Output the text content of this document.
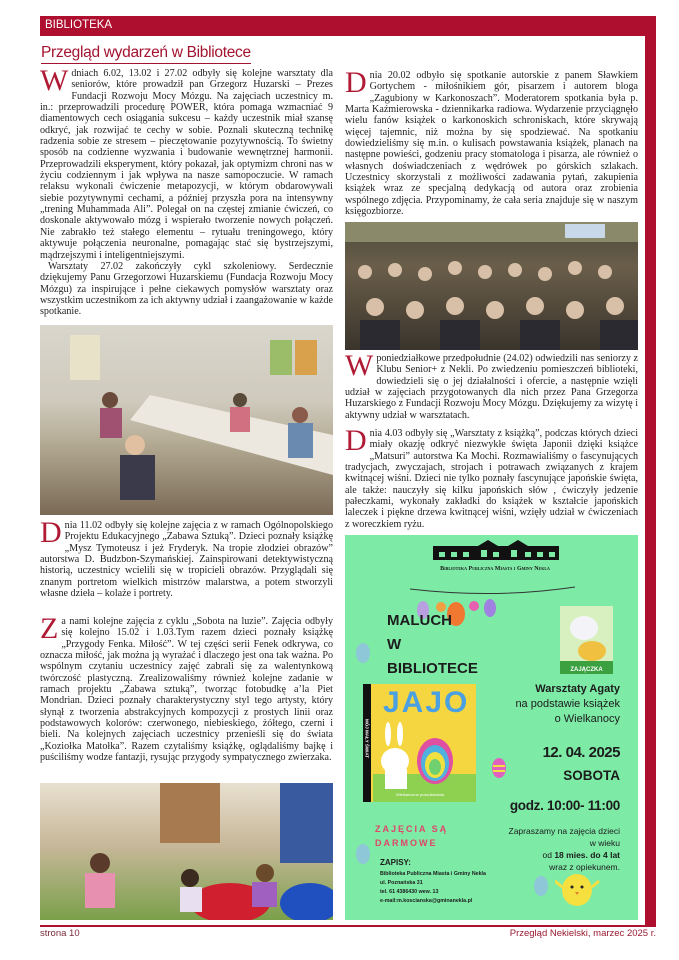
BIBLIOTEKA
Przegląd wydarzeń w Bibliotece
W dniach 6.02, 13.02 i 27.02 odbyły się kolejne warsztaty dla seniorów, które prowadził pan Grzegorz Huzarski – Prezes Fundacji Rozwoju Mocy Mózgu. Na zajęciach uczestnicy m. in.: przeprowadzili procedurę POWER, która pomaga wzmacniać 9 diamentowych cech osiągania sukcesu – każdy uczestnik miał szansę odkryć, jak rozwijać te cechy w sobie. Poznali skuteczną technikę radzenia sobie ze stresem – pieczętowanie pozytywnością. To świetny sposób na codzienne wyzwania i budowanie wewnętrznej harmonii. Przeprowadzili eksperyment, który pokazał, jak optymizm chroni nas w życiu codziennym i jak wpływa na nasze samopoczucie. W ramach relaksu wykonali ćwiczenie metapozycji, w którym obdarowywali siebie pozytywnymi cechami, a później przyszła pora na intensywny „trening Muhammada Ali”. Polegał on na częstej zmianie ćwiczeń, co doskonale aktywowało mózg i wspierało tworzenie nowych połączeń. Nie zabrakło też stałego elementu – rytuału treningowego, który aktywuje połączenia neuronalne, pomagając stać się bystrzejszymi, mądrzejszymi i inteligentniejszymi.

Warsztaty 27.02 zakończyły cykl szkoleniowy. Serdecznie dziękujemy Panu Grzegorzowi Huzarskiemu (Fundacja Rozwoju Mocy Mózgu) za inspirujące i pełne ciekawych pomysłów warsztaty oraz wszystkim uczestnikom za ich aktywny udział i zaangażowanie w każde spotkanie.

D nia 11.02 odbyły się kolejne zajęcia z w ramach Ogólnopolskiego Projektu Edukacyjnego „Zabawa Sztuką”. Dzieci poznały książkę „Mysz Tymoteusz i jeż Fryderyk. Na tropie złodziei obrazów” autorstwa D. Budzbon-Szymańskiej. Zainspirowani detektywistyczną historią, uczestnicy wcielili się w tropicieli obrazów. Przyglądali się znanym portretom wielkich mistrzów malarstwa, a potem stworzyli własne dzieła – kolaże i portrety.

Z a nami kolejne zajęcia z cyklu „Sobota na luzie”. Zajęcia odbyły się kolejno 15.02 i 1.03.Tym razem dzieci poznały książkę „Przygody Fenka. Miłość”. W tej części serii Fenek odkrywa, co oznacza miłość, jak można ją wyrażać i dlaczego jest ona tak ważna. Po wspólnym czytaniu uczestnicy zajęć zabrali się za walentynkową twórczość plastyczną. Zrealizowaliśmy również kolejne zadanie w ramach projektu „Zabawa sztuką”, tworząc fotobudkę a’la Piet Mondrian. Dzieci poznały charakterystyczny styl tego artysty, który słynął z tworzenia abstrakcyjnych kompozycji z prostych linii oraz podstawowych kolorów: czerwonego, niebieskiego, żółtego, czerni i bieli. Na kolejnych zajęciach uczestnicy przenieśli się do świata „Koziołka Matołka”. Razem czytaliśmy książkę, oglądaliśmy bajkę i puściliśmy wodze fantazji, rysując przygody sympatycznego zwierzaka.

D nia 20.02 odbyło się spotkanie autorskie z panem Sławkiem Gortychem - miłośnikiem gór, pisarzem i autorem bloga „Zagubiony w Karkonoszach”. Moderatorem spotkania była p. Marta Kaźmierowska - dziennikarka radiowa. Wydarzenie przyciągnęło wielu fanów książek o karkonoskich schroniskach, które skrywają więcej tajemnic, niż można by się spodziewać. Na spotkaniu dowiedzieliśmy się m.in. o kulisach powstawania książek, planach na następne powieści, godzeniu pracy stomatologa i pisarza, ale również o własnych doświadczeniach z wędrówek po górskich szlakach. Uczestnicy skorzystali z możliwości zadawania pytań, zakupienia książek wraz ze specjalną dedykacją od autora oraz zrobienia wspólnego zdjęcia. Przypominamy, że cała seria znajduje się w naszym księgozbiorze.

W poniedziałkowe przedpołudnie (24.02) odwiedzili nas seniorzy z Klubu Senior+ z Nekli. Po zwiedzeniu pomieszczeń biblioteki, dowiedzieli się o jej działalności i ofercie, a następnie wzięli udział w zajęciach przygotowanych dla nich przez Pana Grzegorza Huzarskiego z Fundacji Rozwoju Mocy Mózgu. Dziękujemy za wizytę i aktywny udział w warsztatach.

D nia 4.03 odbyły się „Warsztaty z książką”, podczas których dzieci miały okazję odkryć niezwykłe święta Japonii dzięki książce „Matsuri” autorstwa Ka Mochi. Rozmawialiśmy o fascynujących tradycjach, zwyczajach, strojach i potrawach związanych z krajem kwitnącej wiśni. Dzieci nie tylko poznały fascynujące japońskie święta, ale także: nauczyły się kilku japońskich słów , ćwiczyły jedzenie pałeczkami, wykonały zakładki do książek w kształcie japońskich laleczek i piękne drzewa kwitnącej wiśni, wzięły udział w ćwiczeniach z woreczkiem ryżu.

Biblioteka Publiczna Miasta i Gminy Nekla
MALUCH
W
BIBLIOTECE	ZAJĄCZKA
MÓJ MAŁY ŚWIAT
JAJO
Wielkanocne poszukiwania
Warsztaty Agaty
na podstawie książek
o Wielkanocy
12. 04. 2025
SOBOTA
godz. 10:00- 11:00
ZAJĘCIA SĄ
DARMOWE
Zapraszamy na zajęcia dzieci
w wieku
od 18 mies. do 4 lat
wraz z opiekunem.
ZAPISY:
Biblioteka Publiczna Miasta i Gminy Nekla
ul. Poznańska 31
tel. 61 4386430 wew. 13
e-mail:m.koscianska@gminanekla.pl
strona 10	Przegląd Nekielski, marzec 2025 r.
